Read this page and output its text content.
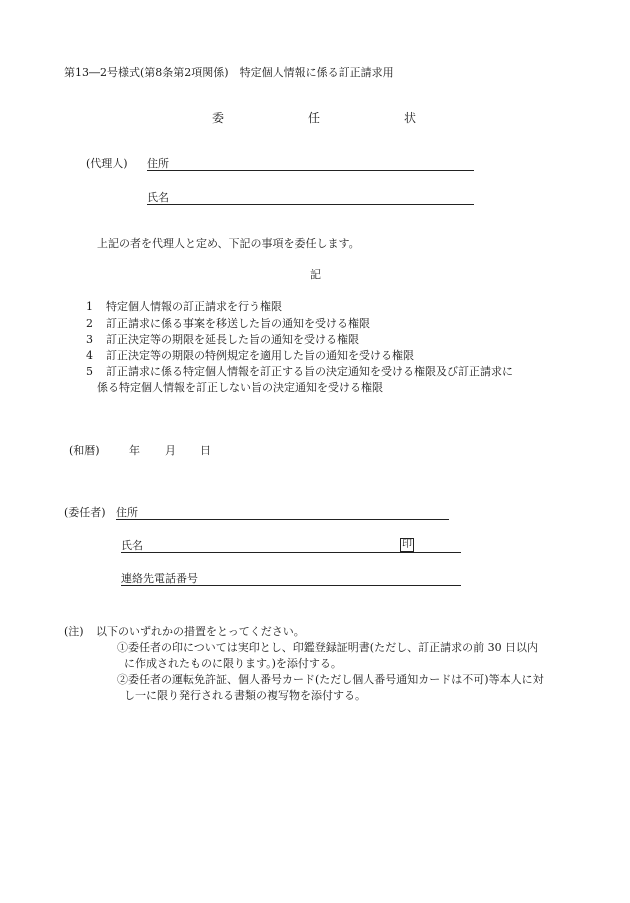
第13―2号様式(第8条第2項関係)　特定個人情報に係る訂正請求用
委	任	状
(代理人) 住所
氏名
上記の者を代理人と定め、下記の事項を委任します。
記
1 特定個人情報の訂正請求を行う権限
2 訂正請求に係る事案を移送した旨の通知を受ける権限
3 訂正決定等の期限を延長した旨の通知を受ける権限
4 訂正決定等の期限の特例規定を適用した旨の通知を受ける権限
5 訂正請求に係る特定個人情報を訂正する旨の決定通知を受ける権限及び訂正請求に
係る特定個人情報を訂正しない旨の決定通知を受ける権限
(和暦)	年 月 日
(委任者) 住所
氏名	印
連絡先電話番号
(注) 以下のいずれかの措置をとってください。
①委任者の印については実印とし、印鑑登録証明書(ただし、訂正請求の前 30 日以内
に作成されたものに限ります。)を添付する。
②委任者の運転免許証、個人番号カード(ただし個人番号通知カードは不可)等本人に対
し一に限り発行される書類の複写物を添付する。
